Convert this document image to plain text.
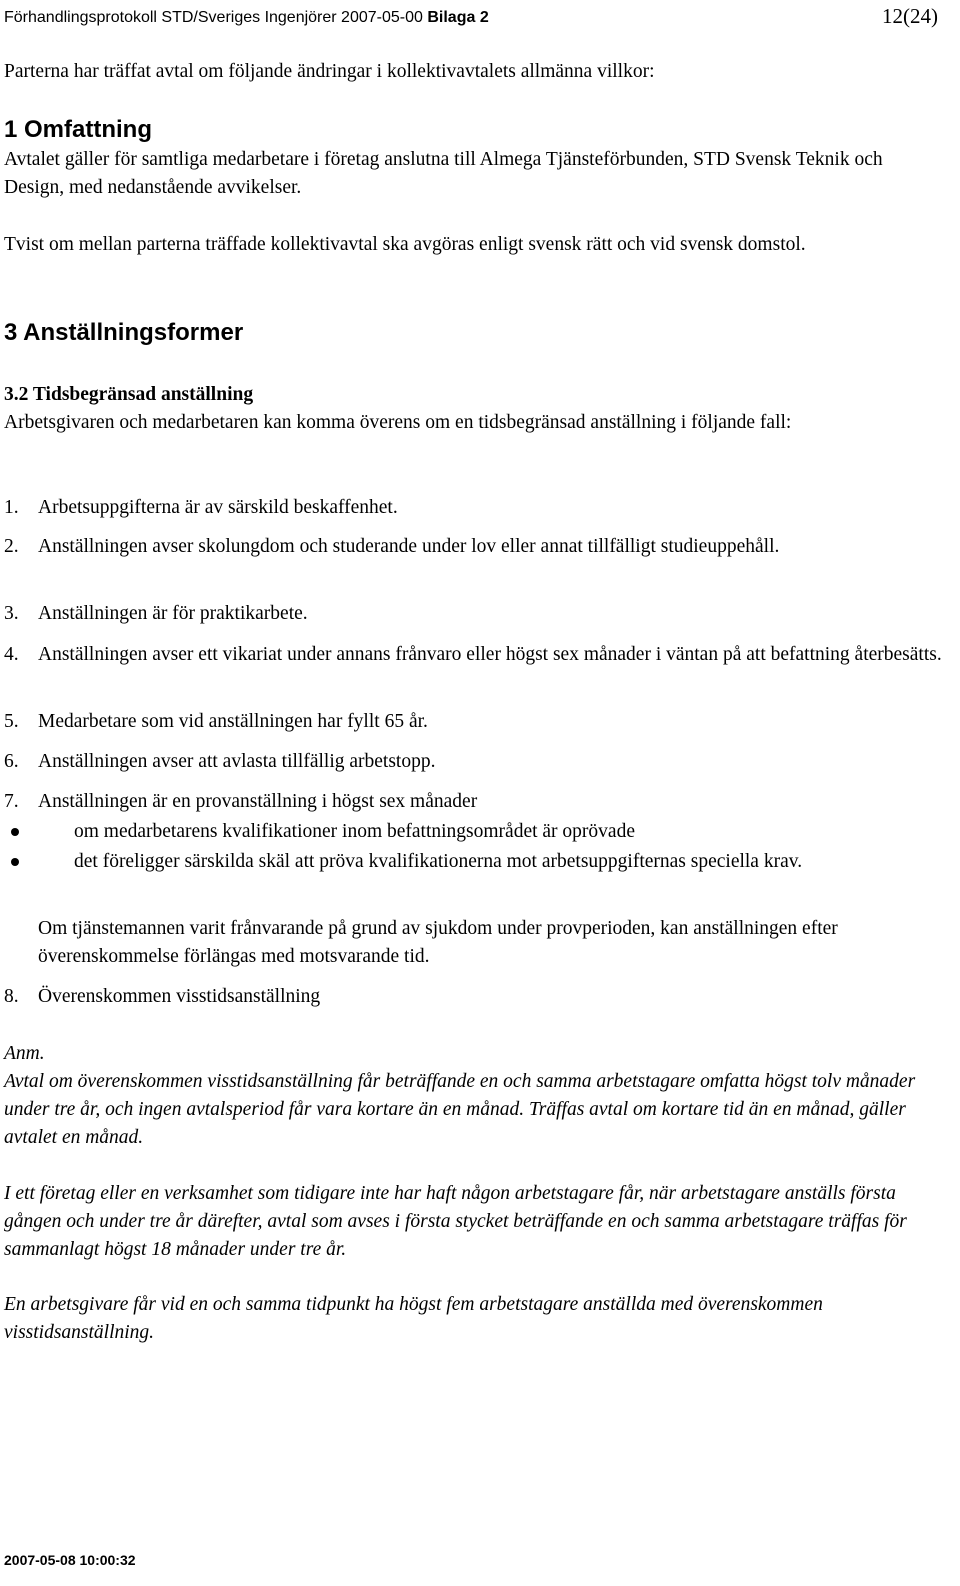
Förhandlingsprotokoll STD/Sveriges Ingenjörer 2007-05-00 Bilaga 2	12(24)

Parterna har träffat avtal om följande ändringar i kollektivavtalets allmänna villkor:

1 Omfattning

Avtalet gäller för samtliga medarbetare i företag anslutna till Almega Tjänsteförbunden, STD Svensk Teknik och Design, med nedanstående avvikelser.

Tvist om mellan parterna träffade kollektivavtal ska avgöras enligt svensk rätt och vid svensk domstol.

3 Anställningsformer
3.2 Tidsbegränsad anställning

Arbetsgivaren och medarbetaren kan komma överens om en tidsbegränsad anställning i följande fall:

1. Arbetsuppgifterna är av särskild beskaffenhet.
2. Anställningen avser skolungdom och studerande under lov eller annat tillfälligt studieuppehåll.
3. Anställningen är för praktikarbete.
4. Anställningen avser ett vikariat under annans frånvaro eller högst sex månader i väntan på att befattning återbesätts.
5. Medarbetare som vid anställningen har fyllt 65 år.
6. Anställningen avser att avlasta tillfällig arbetstopp.
7. Anställningen är en provanställning i högst sex månader
om medarbetarens kvalifikationer inom befattningsområdet är oprövade
det föreligger särskilda skäl att pröva kvalifikationerna mot arbetsuppgifternas speciella krav.

Om tjänstemannen varit frånvarande på grund av sjukdom under provperioden, kan anställningen efter överenskommelse förlängas med motsvarande tid.

8. Överenskommen visstidsanställning
Anm.

Avtal om överenskommen visstidsanställning får beträffande en och samma arbetstagare omfatta högst tolv månader under tre år, och ingen avtalsperiod får vara kortare än en månad. Träffas avtal om kortare tid än en månad, gäller avtalet en månad.

I ett företag eller en verksamhet som tidigare inte har haft någon arbetstagare får, när arbetstagare anställs första gången och under tre år därefter, avtal som avses i första stycket beträffande en och samma arbetstagare träffas för sammanlagt högst 18 månader under tre år.

En arbetsgivare får vid en och samma tidpunkt ha högst fem arbetstagare anställda med överenskommen visstidsanställning.

2007-05-08 10:00:32
